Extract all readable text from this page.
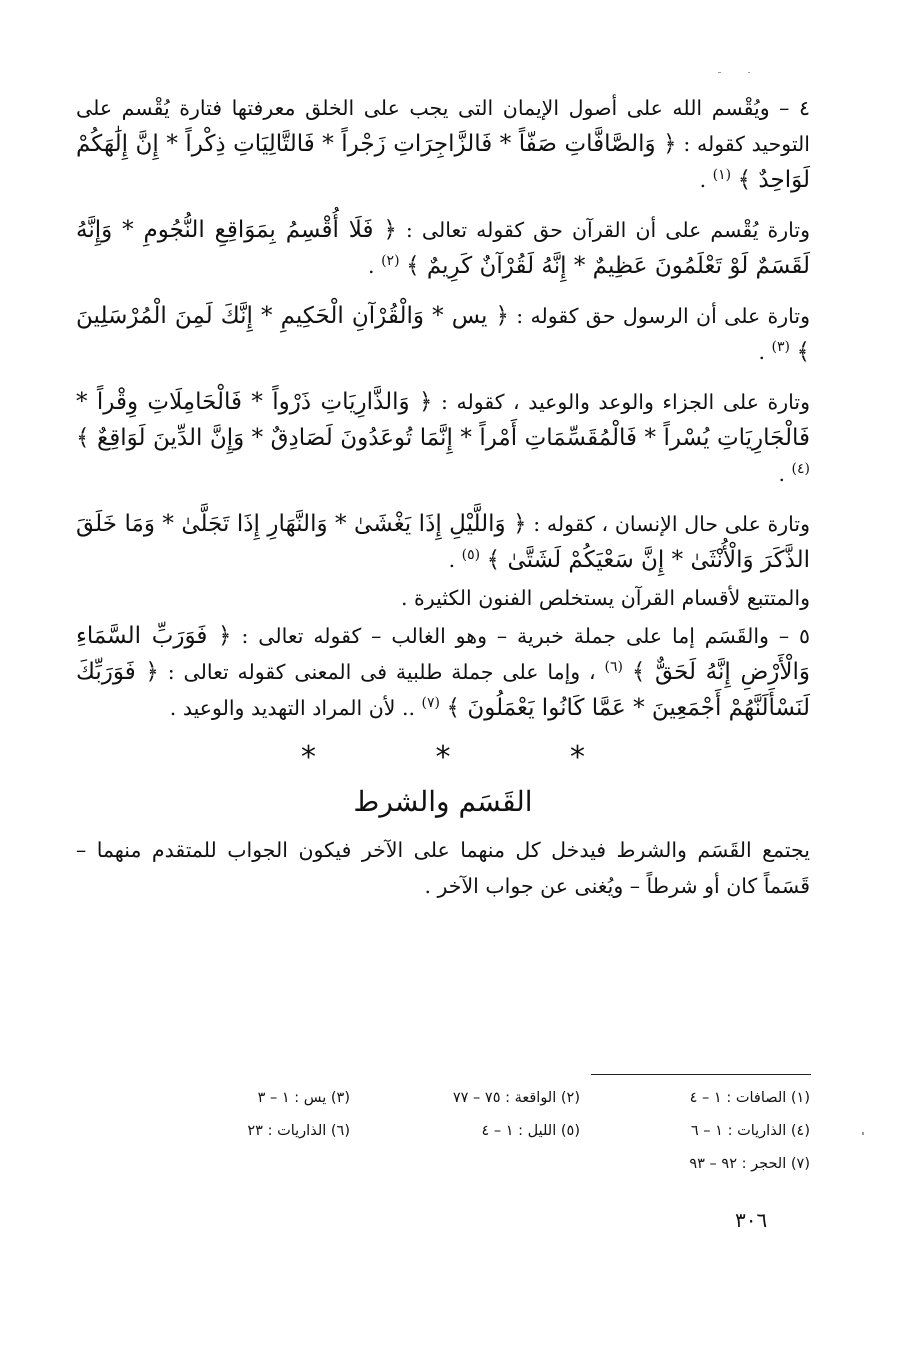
٤ – ويُقْسم الله على أصول الإيمان التى يجب على الخلق معرفتها فتارة يُقْسم على التوحيد كقوله : ﴿ وَالصَّافَّاتِ صَفّاً * فَالزَّاجِرَاتِ زَجْراً * فَالتَّالِيَاتِ ذِكْراً * إِنَّ إِلَٰهَكُمْ لَوَاحِدٌ ﴾ $^{(١)}$ .

وتارة يُقْسم على أن القرآن حق كقوله تعالى : ﴿ فَلَا أُقْسِمُ بِمَوَاقِعِ النُّجُومِ * وَإِنَّهُ لَقَسَمٌ لَوْ تَعْلَمُونَ عَظِيمٌ * إِنَّهُ لَقُرْآنٌ كَرِيمٌ ﴾ $^{(٢)}$ .

وتارة على أن الرسول حق كقوله : ﴿ يس * وَالْقُرْآنِ الْحَكِيمِ * إِنَّكَ لَمِنَ الْمُرْسَلِينَ ﴾ $^{(٣)}$ .

وتارة على الجزاء والوعد والوعيد ، كقوله : ﴿ وَالذَّارِيَاتِ ذَرْواً * فَالْحَامِلَاتِ وِقْراً * فَالْجَارِيَاتِ يُسْراً * فَالْمُقَسِّمَاتِ أَمْراً * إِنَّمَا تُوعَدُونَ لَصَادِقٌ * وَإِنَّ الدِّينَ لَوَاقِعٌ ﴾ $^{(٤)}$ .

وتارة على حال الإنسان ، كقوله : ﴿ وَاللَّيْلِ إِذَا يَغْشَىٰ * وَالنَّهَارِ إِذَا تَجَلَّىٰ * وَمَا خَلَقَ الذَّكَرَ وَالْأُنْثَىٰ * إِنَّ سَعْيَكُمْ لَشَتَّىٰ ﴾ $^{(٥)}$ .

والمتتبع لأقسام القرآن يستخلص الفنون الكثيرة .

٥ – والقَسَم إما على جملة خبرية – وهو الغالب – كقوله تعالى : ﴿ فَوَرَبِّ السَّمَاءِ وَالْأَرْضِ إِنَّهُ لَحَقٌّ ﴾ $^{(٦)}$ ، وإما على جملة طلبية فى المعنى كقوله تعالى : ﴿ فَوَرَبِّكَ لَنَسْأَلَنَّهُمْ أَجْمَعِينَ * عَمَّا كَانُوا يَعْمَلُونَ ﴾ $^{(٧)}$ .. لأن المراد التهديد والوعيد .

* * *
القَسَم والشرط

يجتمع القَسَم والشرط فيدخل كل منهما على الآخر فيكون الجواب للمتقدم منهما – قَسَماً كان أو شرطاً – ويُغنى عن جواب الآخر .

(١) الصافات : ١ – ٤
(٢) الواقعة : ٧٥ – ٧٧
(٣) يس : ١ – ٣
(٤) الذاريات : ١ – ٦
(٥) الليل : ١ – ٤
(٦) الذاريات : ٢٣
(٧) الحجر : ٩٢ – ٩٣
٣٠٦
